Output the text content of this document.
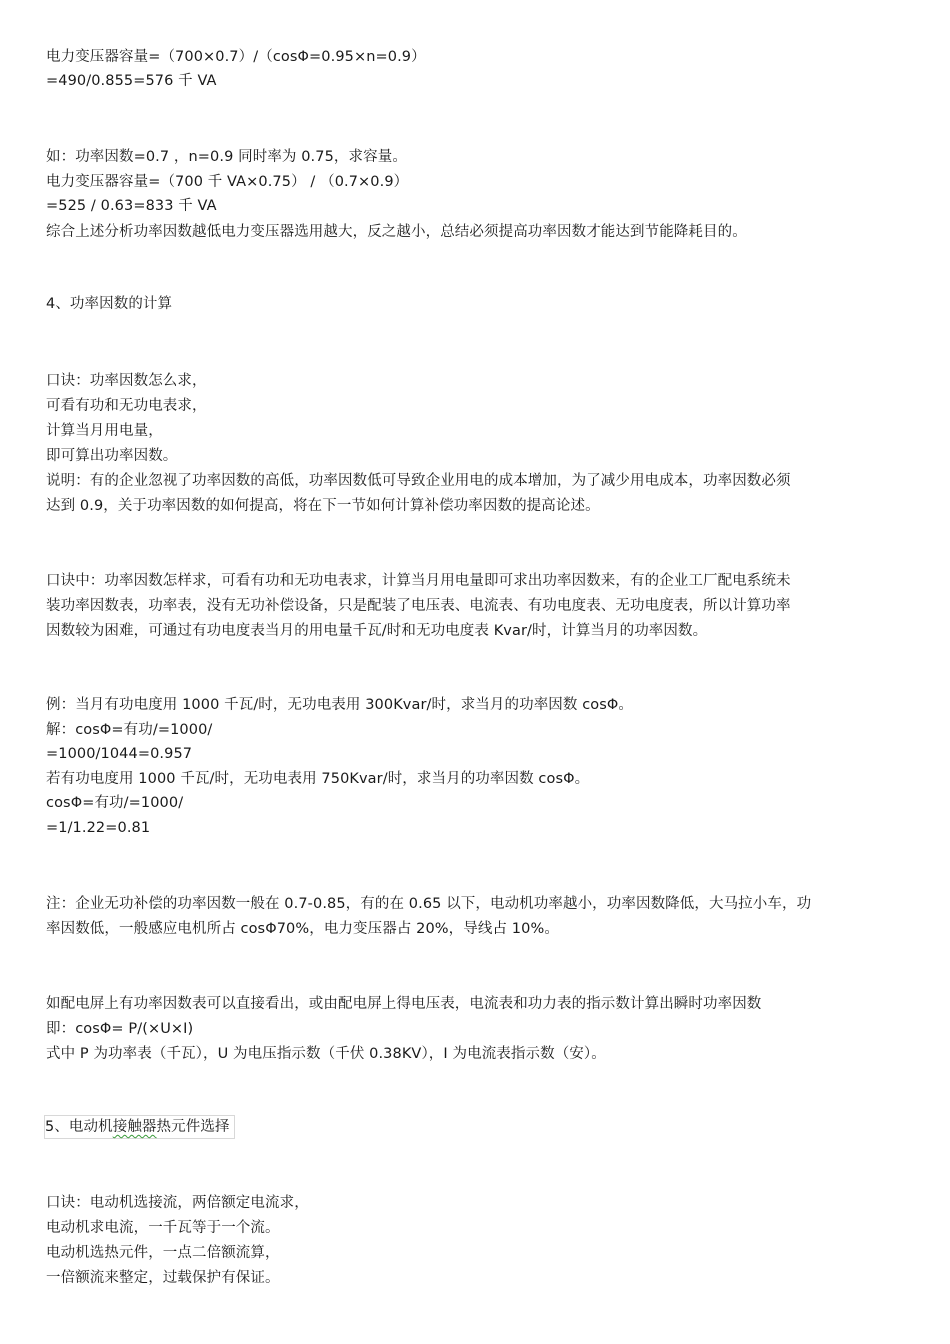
电力变压器容量=（700×0.7）/（cosΦ=0.95×n=0.9）
=490/0.855=576 千 VA
如：功率因数=0.7 ，n=0.9 同时率为 0.75，求容量。
电力变压器容量=（700 千 VA×0.75） / （0.7×0.9）
=525 / 0.63=833 千 VA
综合上述分析功率因数越低电力变压器选用越大，反之越小，总结必须提高功率因数才能达到节能降耗目的。
4、功率因数的计算
口诀：功率因数怎么求，
可看有功和无功电表求，
计算当月用电量，
即可算出功率因数。
说明：有的企业忽视了功率因数的高低，功率因数低可导致企业用电的成本增加，为了减少用电成本，功率因数必须
达到 0.9，关于功率因数的如何提高，将在下一节如何计算补偿功率因数的提高论述。
口诀中：功率因数怎样求，可看有功和无功电表求，计算当月用电量即可求出功率因数来，有的企业工厂配电系统未
装功率因数表，功率表，没有无功补偿设备，只是配装了电压表、电流表、有功电度表、无功电度表，所以计算功率
因数较为困难，可通过有功电度表当月的用电量千瓦/时和无功电度表 Kvar/时，计算当月的功率因数。
例：当月有功电度用 1000 千瓦/时，无功电表用 300Kvar/时，求当月的功率因数 cosΦ。
解：cosΦ=有功/=1000/
=1000/1044=0.957
若有功电度用 1000 千瓦/时，无功电表用 750Kvar/时，求当月的功率因数 cosΦ。
cosΦ=有功/=1000/
=1/1.22=0.81
注：企业无功补偿的功率因数一般在 0.7-0.85，有的在 0.65 以下，电动机功率越小，功率因数降低，大马拉小车，功
率因数低，一般感应电机所占 cosΦ70%，电力变压器占 20%，导线占 10%。
如配电屏上有功率因数表可以直接看出，或由配电屏上得电压表，电流表和功力表的指示数计算出瞬时功率因数
即：cosΦ= P/(×U×I)
式中 P 为功率表（千瓦），U 为电压指示数（千伏 0.38KV），I 为电流表指示数（安）。
5、电动机接触器热元件选择
口诀：电动机选接流，两倍额定电流求，
电动机求电流，一千瓦等于一个流。
电动机选热元件，一点二倍额流算，
一倍额流来整定，过载保护有保证。
